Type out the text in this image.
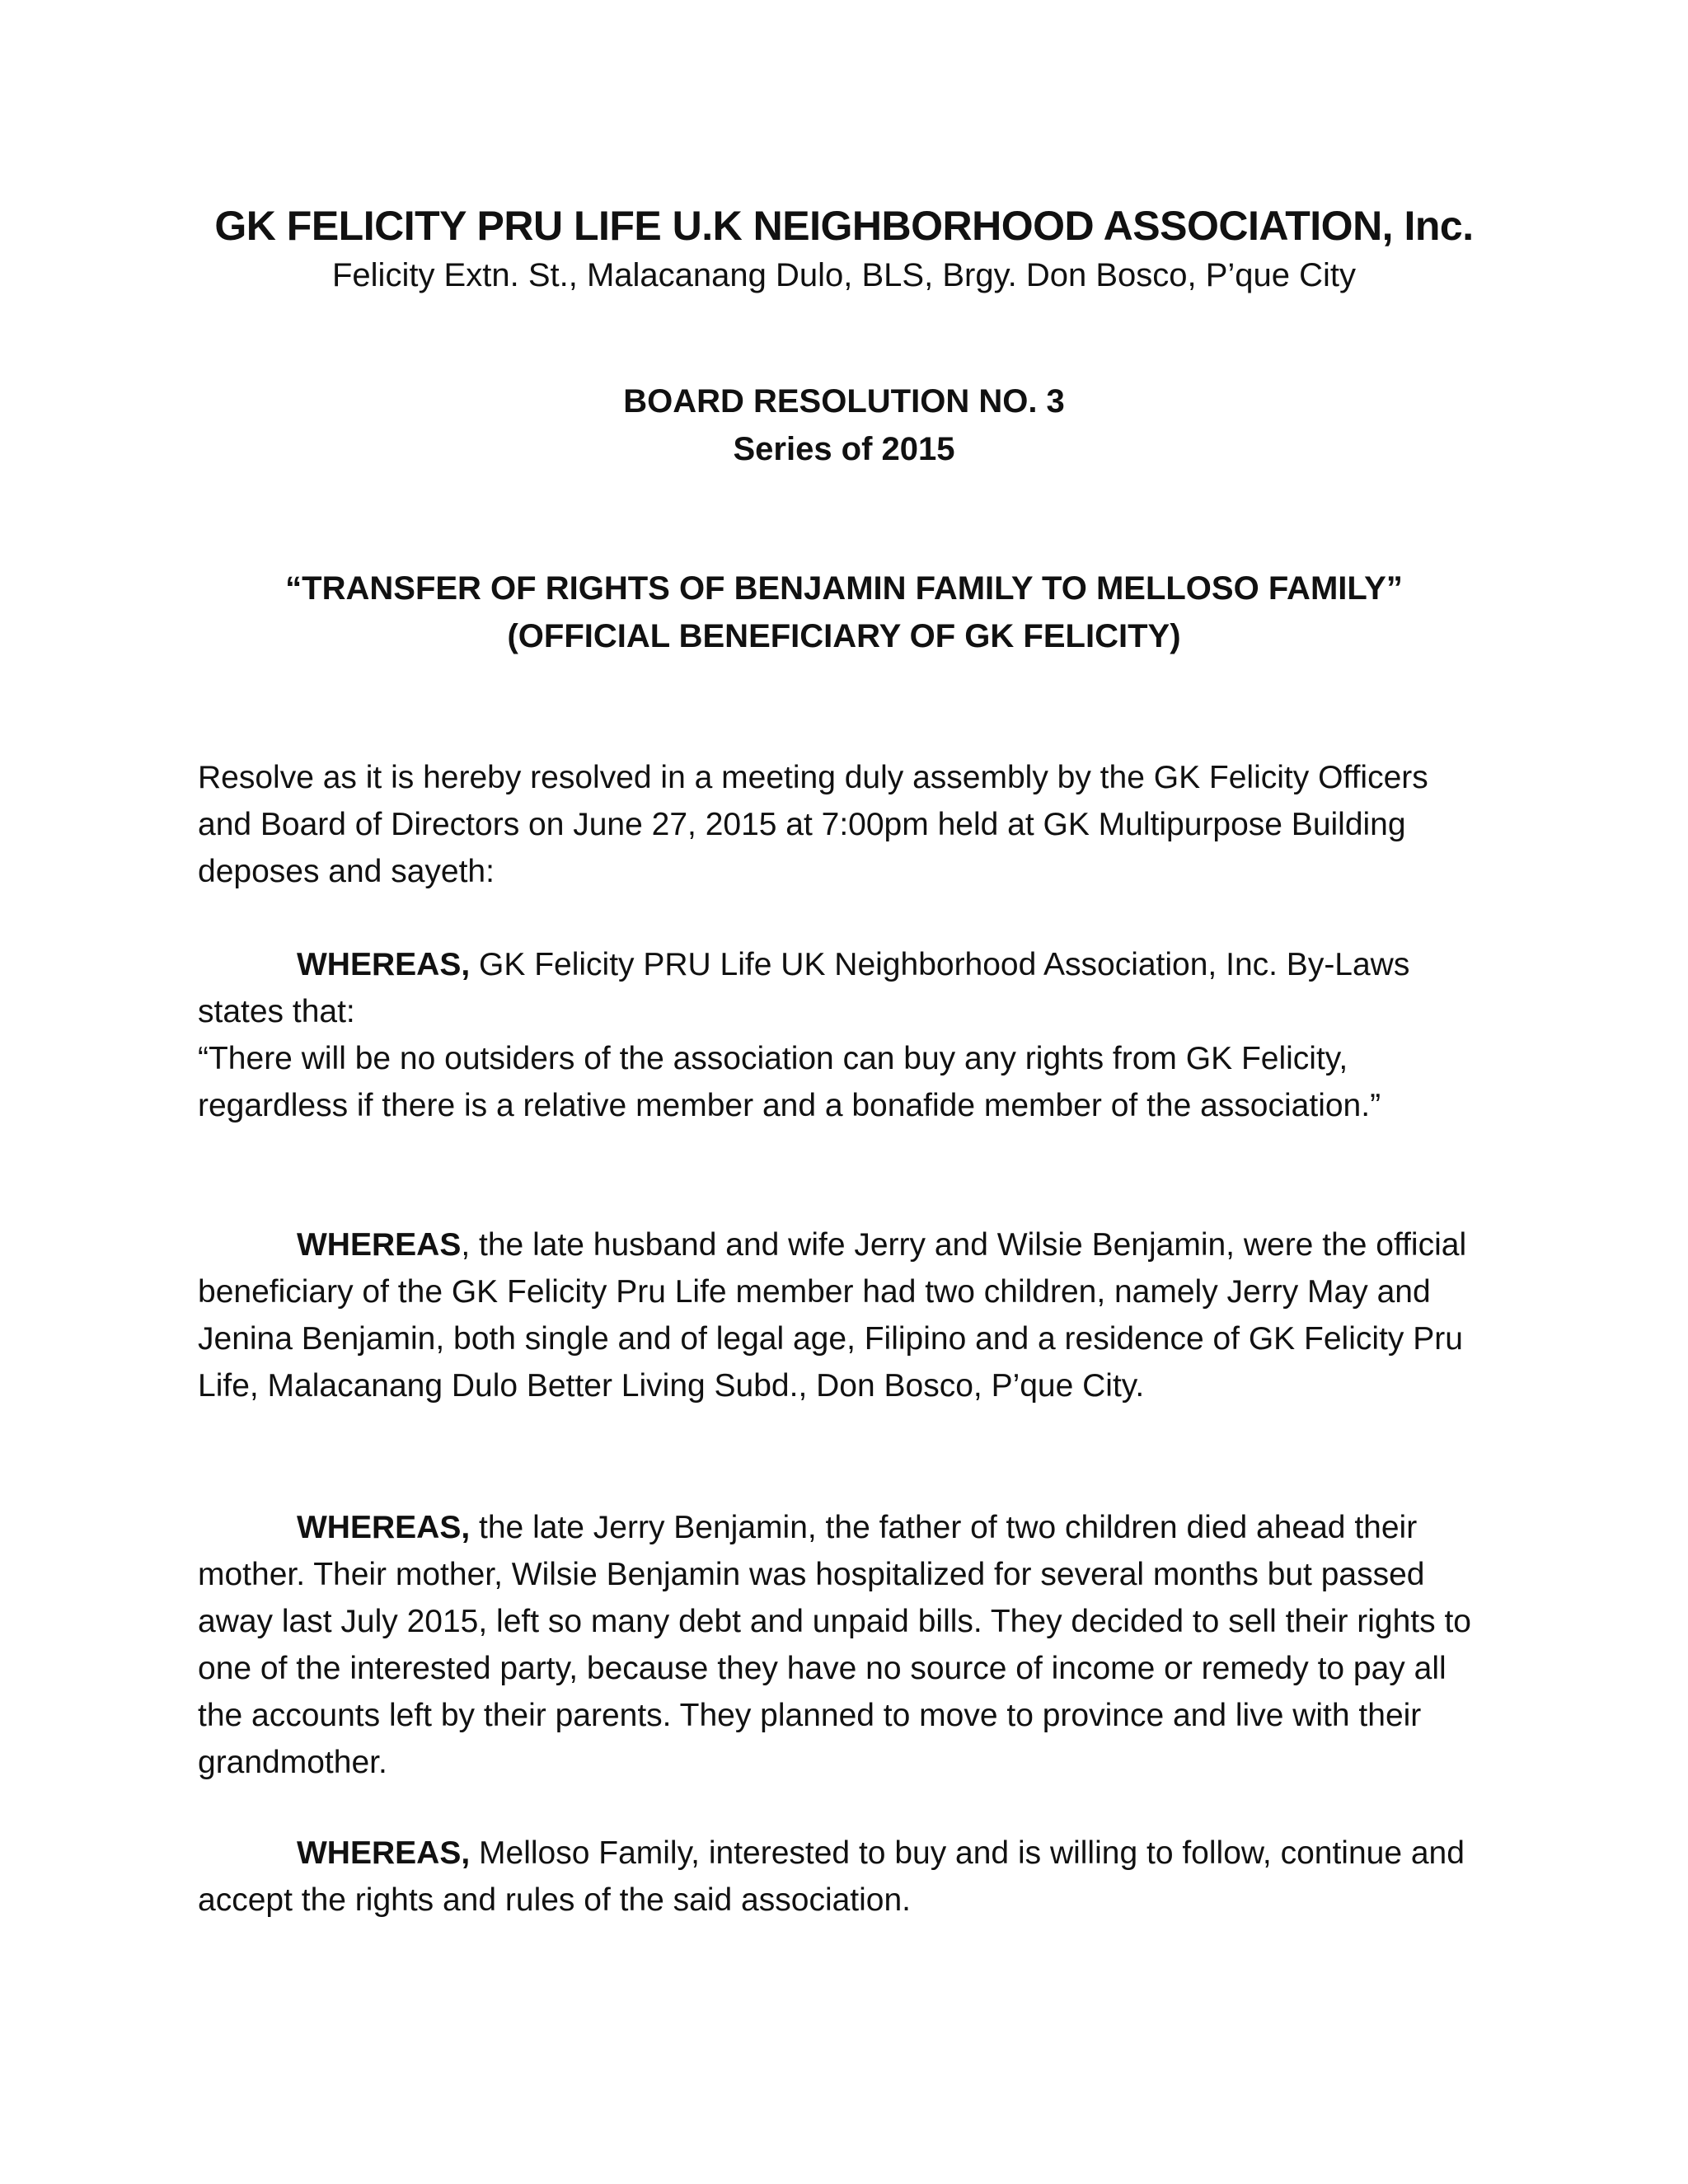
GK FELICITY PRU LIFE U.K NEIGHBORHOOD ASSOCIATION, Inc.
Felicity Extn. St., Malacanang Dulo, BLS, Brgy. Don Bosco, P’que City
BOARD RESOLUTION NO. 3
Series of 2015
“TRANSFER OF RIGHTS OF BENJAMIN FAMILY TO MELLOSO FAMILY”
(OFFICIAL BENEFICIARY OF GK FELICITY)

Resolve as it is hereby resolved in a meeting duly assembly by the GK Felicity Officers and Board of Directors on June 27, 2015 at 7:00pm held at GK Multipurpose Building deposes and sayeth:

WHEREAS, GK Felicity PRU Life UK Neighborhood Association, Inc. By-Laws states that:

“There will be no outsiders of the association can buy any rights from GK Felicity, regardless if there is a relative member and a bonafide member of the association.”

WHEREAS, the late husband and wife Jerry and Wilsie Benjamin, were the official beneficiary of the GK Felicity Pru Life member had two children, namely Jerry May and Jenina Benjamin, both single and of legal age, Filipino and a residence of GK Felicity Pru Life, Malacanang Dulo Better Living Subd., Don Bosco, P’que City.

WHEREAS, the late Jerry Benjamin, the father of two children died ahead their mother. Their mother, Wilsie Benjamin was hospitalized for several months but passed away last July 2015, left so many debt and unpaid bills. They decided to sell their rights to one of the interested party, because they have no source of income or remedy to pay all the accounts left by their parents. They planned to move to province and live with their grandmother.

WHEREAS, Melloso Family, interested to buy and is willing to follow, continue and accept the rights and rules of the said association.
